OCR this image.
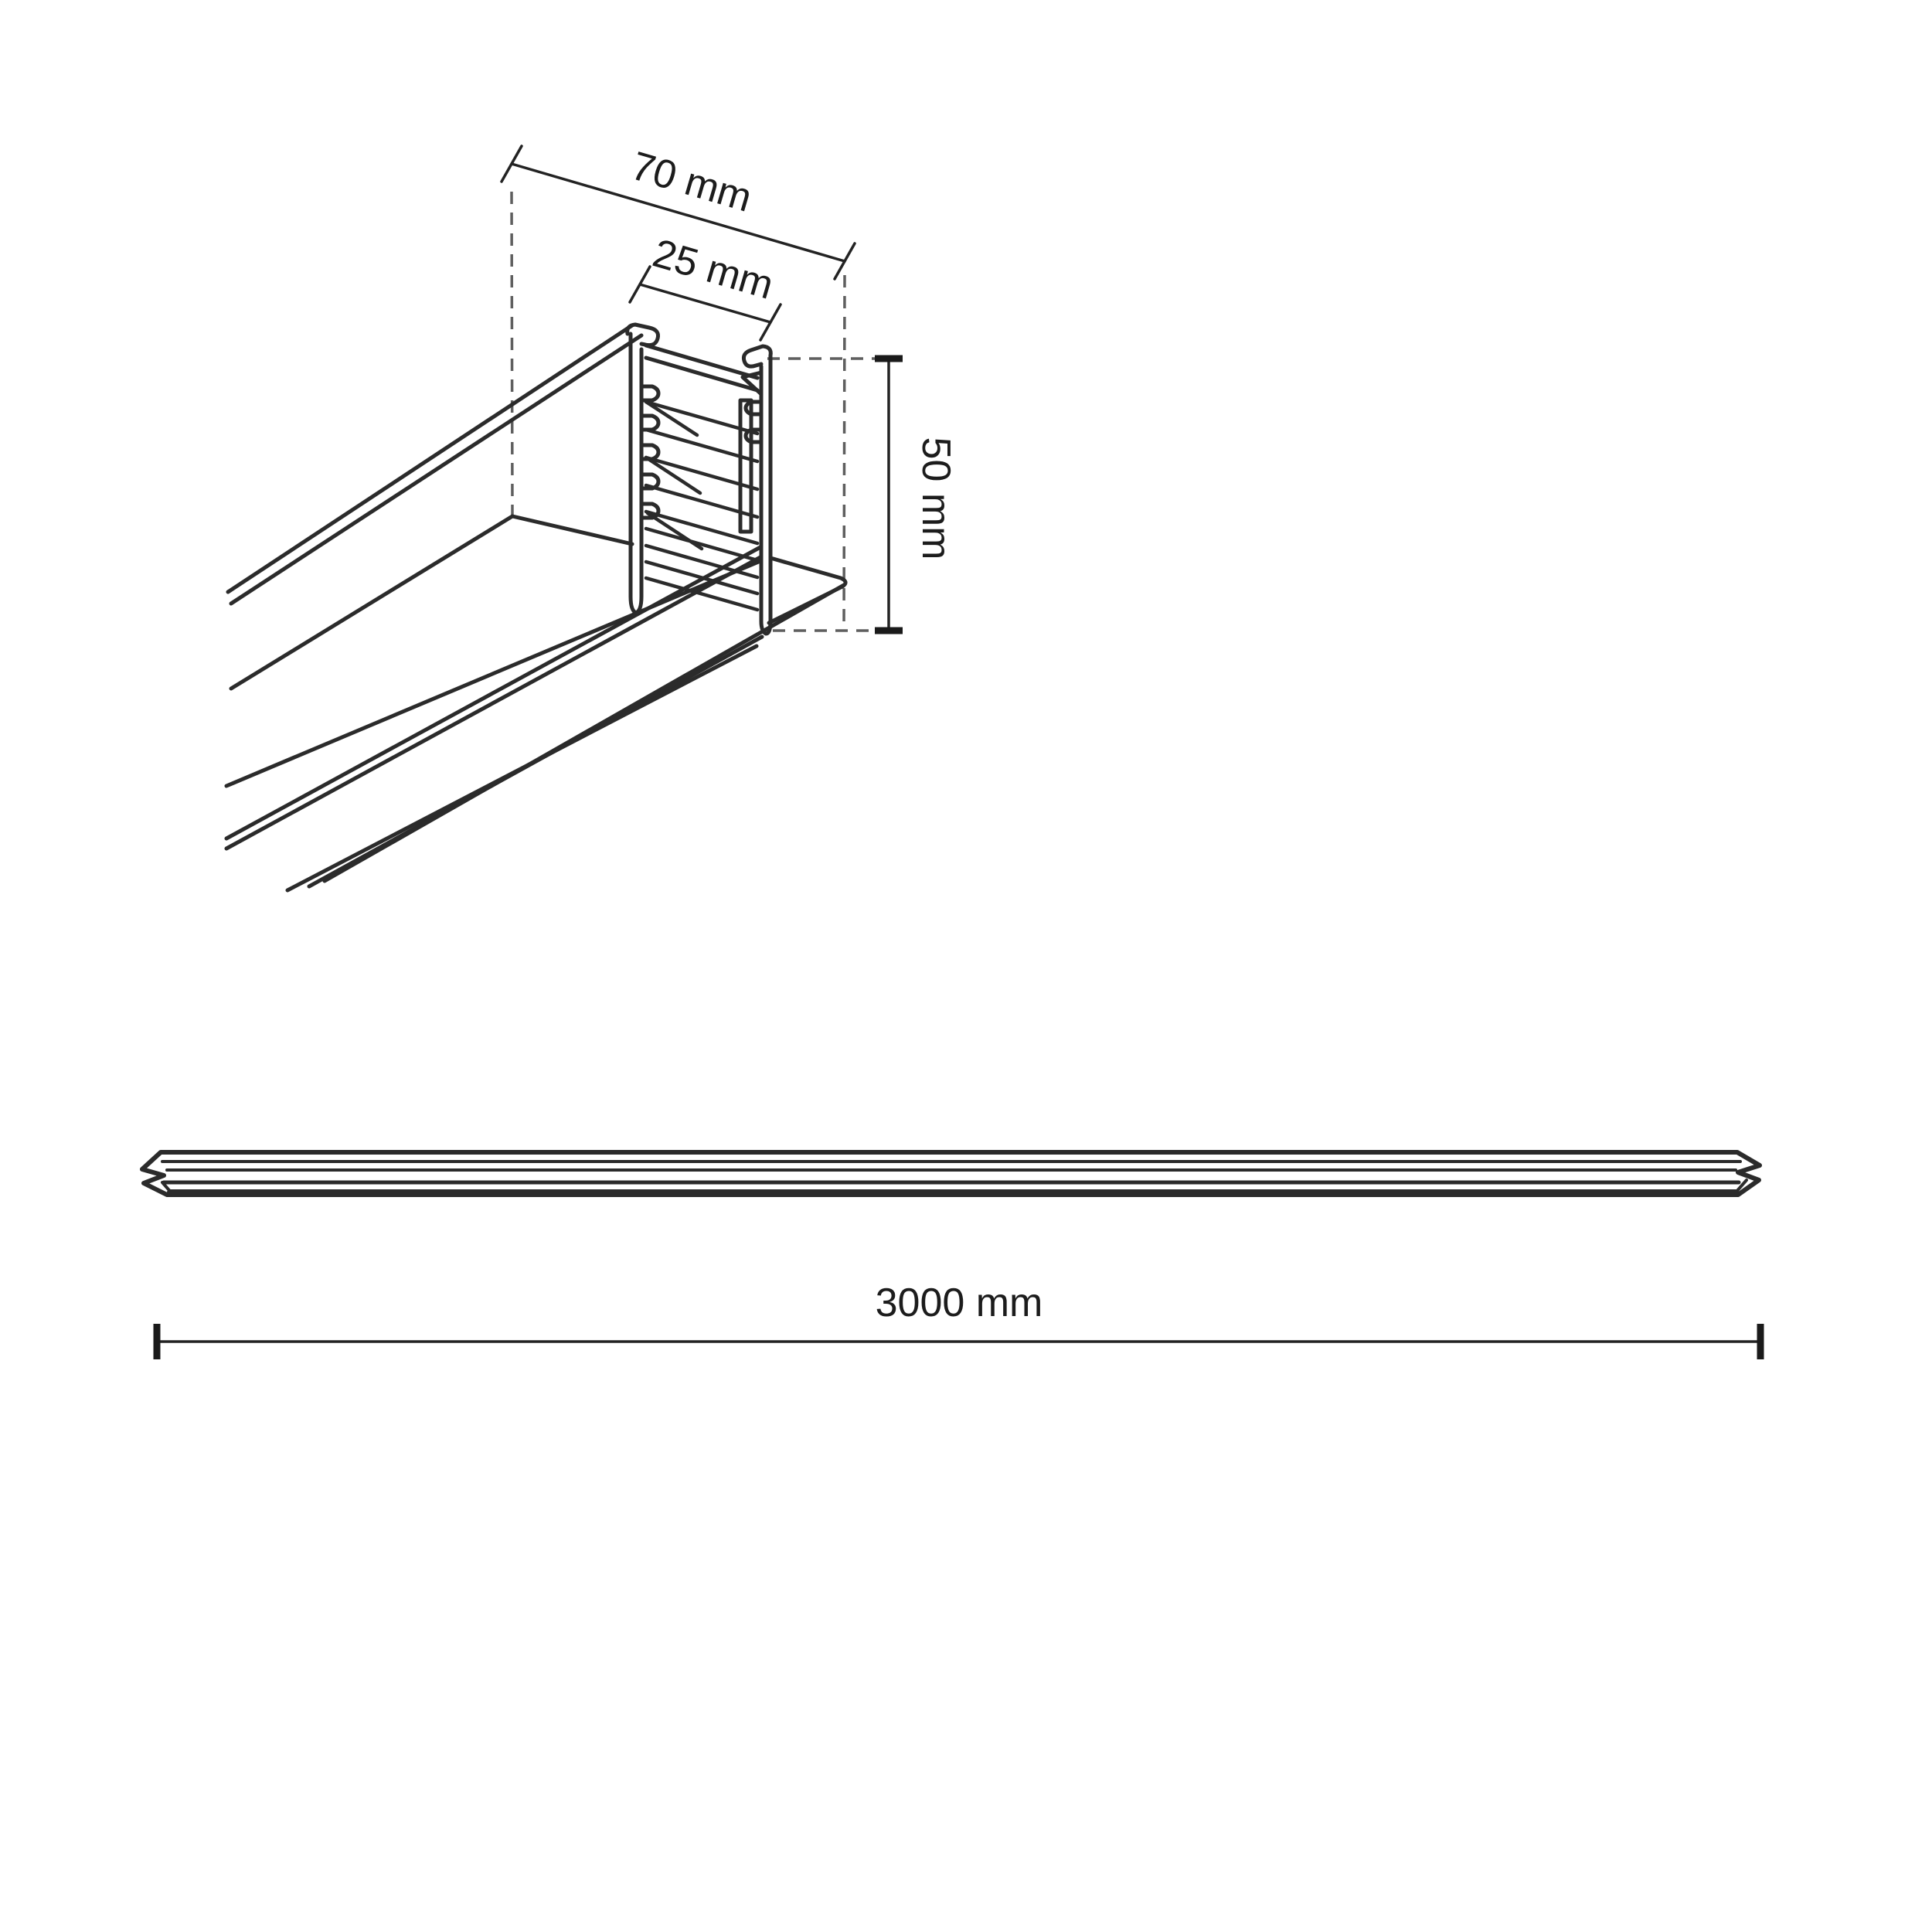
70 mm
25 mm
50 mm
3000 mm
